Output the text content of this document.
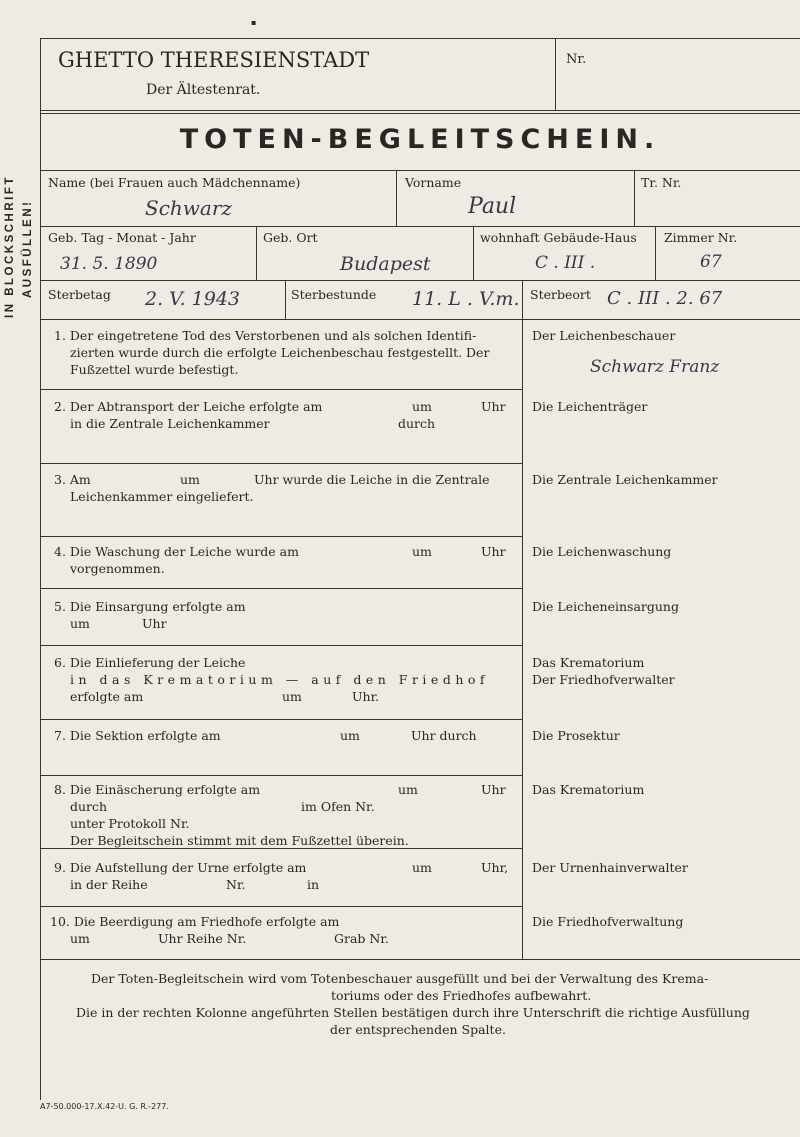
▪
IN BLOCKSCHRIFT AUSFÜLLEN!
GHETTO THERESIENSTADT
Der Ältestenrat.
Nr.
TOTEN-BEGLEITSCHEIN.
Name (bei Frauen auch Mädchenname)
Schwarz
Vorname
Paul
Tr. Nr.
Geb. Tag - Monat - Jahr
31. 5. 1890
Geb. Ort
Budapest
wohnhaft Gebäude-Haus
C . III .
Zimmer Nr.
67
Sterbetag 2. V. 1943	Sterbestunde 11. L . V.m. Sterbeort C . III . 2. 67
1. Der eingetretene Tod des Verstorbenen und als solchen Identifi-
zierten wurde durch die erfolgte Leichenbeschau festgestellt. Der
Fußzettel wurde befestigt.
Der Leichenbeschauer
Schwarz Franz
2. Der Abtransport der Leiche erfolgte am
in die Zentrale Leichenkammer
um	Uhr
durch
Die Leichenträger
3. Am
Leichenkammer eingeliefert.
um	Uhr wurde die Leiche in die Zentrale	Die Zentrale Leichenkammer
4. Die Waschung der Leiche wurde am
vorgenommen.
um	Uhr Die Leichenwaschung
5. Die Einsargung erfolgte am
um	Uhr
Die Leicheneinsargung
6. Die Einlieferung der Leiche
in das Krematorium — auf den Friedhof
erfolgte am	um	Uhr.
Das Krematorium
Der Friedhofverwalter
7. Die Sektion erfolgte am	um	Uhr durch	Die Prosektur
8. Die Einäscherung erfolgte am
durch
unter Protokoll Nr.
Der Begleitschein stimmt mit dem Fußzettel überein.
um	Uhr
im Ofen Nr.
Das Krematorium
9. Die Aufstellung der Urne erfolgte am
in der Reihe
um	Uhr,
Nr.	in
Der Urnenhainverwalter
10. Die Beerdigung am Friedhofe erfolgte am
um	Uhr Reihe Nr.	Grab Nr.
Die Friedhofverwaltung
Der Toten-Begleitschein wird vom Totenbeschauer ausgefüllt und bei der Verwaltung des Krema-
toriums oder des Friedhofes aufbewahrt.
Die in der rechten Kolonne angeführten Stellen bestätigen durch ihre Unterschrift die richtige Ausfüllung
der entsprechenden Spalte.
A7-50.000-17.X.42-U. G. R.-277.
